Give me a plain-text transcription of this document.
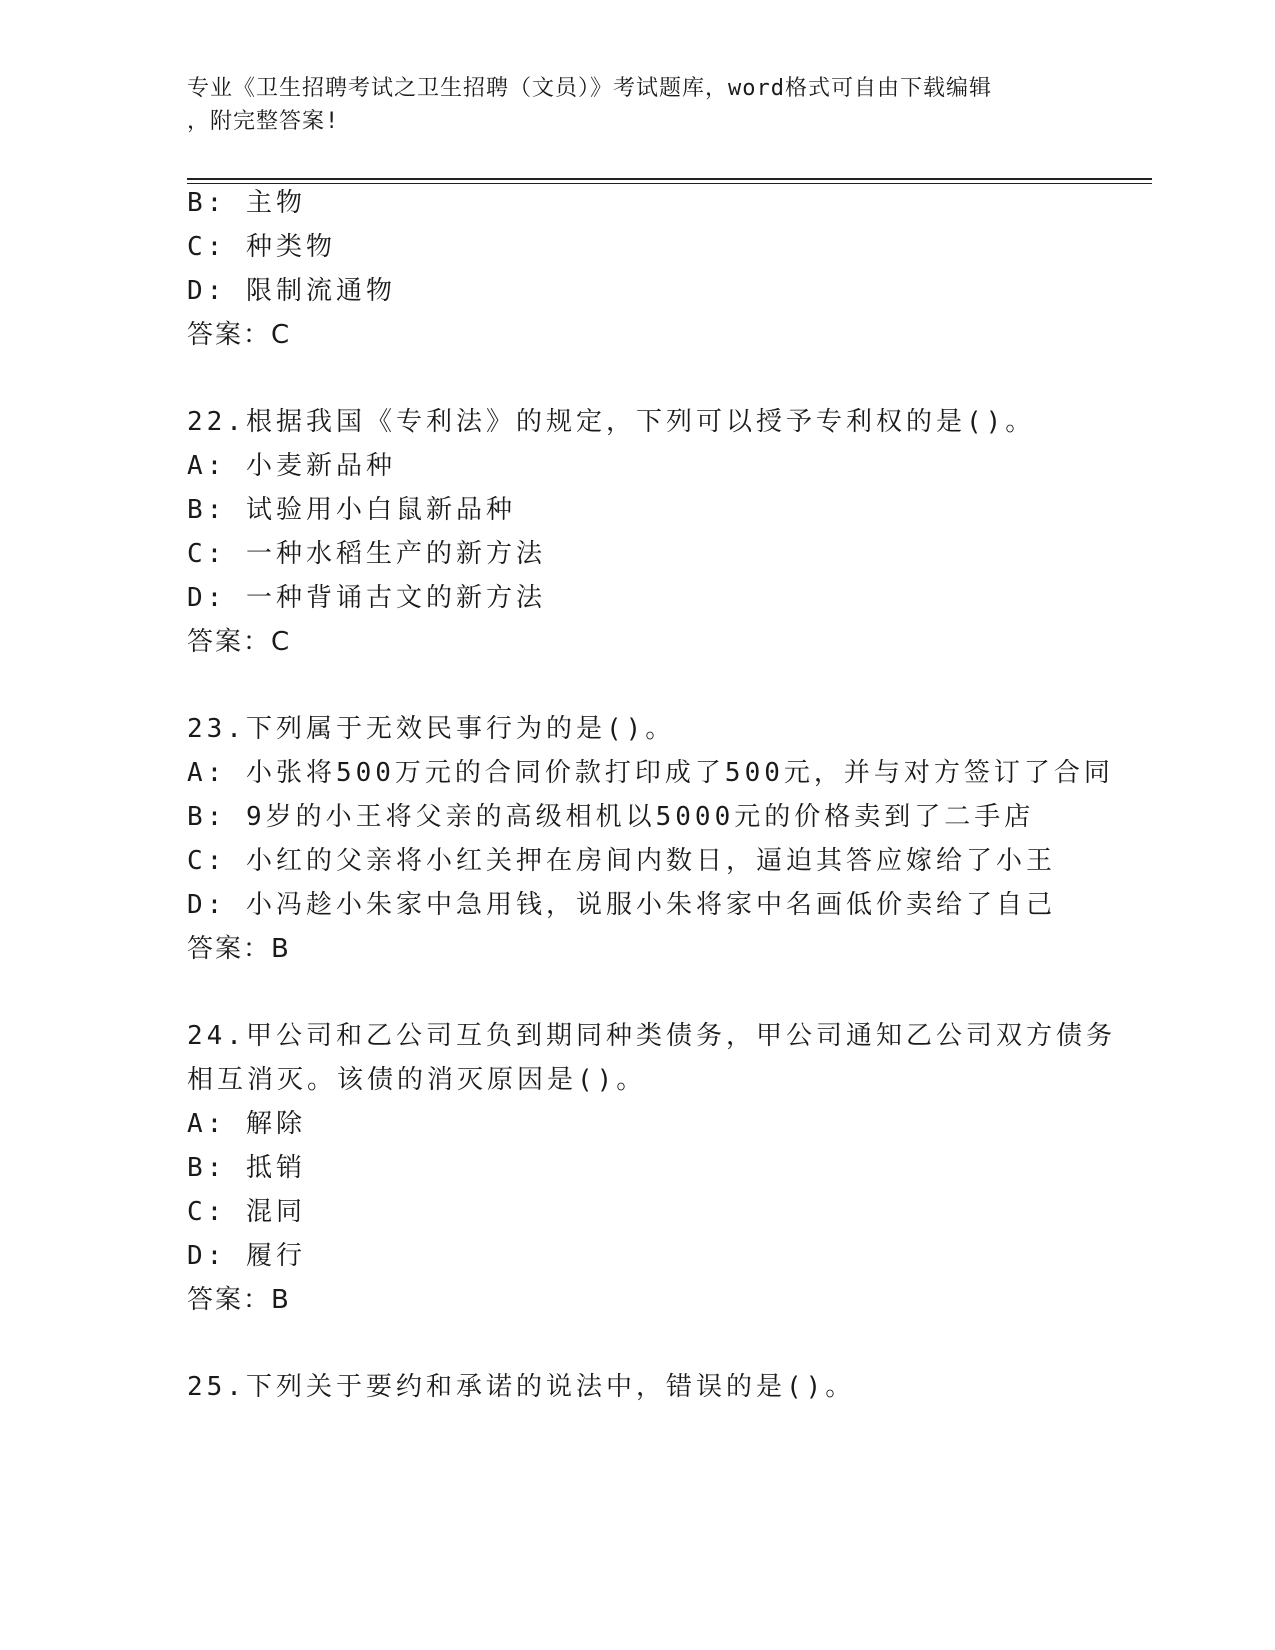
专业《卫生招聘考试之卫生招聘（文员）》考试题库，word格式可自由下载编辑
，附完整答案!
B: 主物
C: 种类物
D: 限制流通物
答案：C
22.根据我国《专利法》的规定，下列可以授予专利权的是()。
A: 小麦新品种
B: 试验用小白鼠新品种
C: 一种水稻生产的新方法
D: 一种背诵古文的新方法
答案：C
23.下列属于无效民事行为的是()。
A: 小张将500万元的合同价款打印成了500元，并与对方签订了合同
B: 9岁的小王将父亲的高级相机以5000元的价格卖到了二手店
C: 小红的父亲将小红关押在房间内数日，逼迫其答应嫁给了小王
D: 小冯趁小朱家中急用钱，说服小朱将家中名画低价卖给了自己
答案：B
24.甲公司和乙公司互负到期同种类债务，甲公司通知乙公司双方债务
相互消灭。该债的消灭原因是()。
A: 解除
B: 抵销
C: 混同
D: 履行
答案：B
25.下列关于要约和承诺的说法中，错误的是()。
